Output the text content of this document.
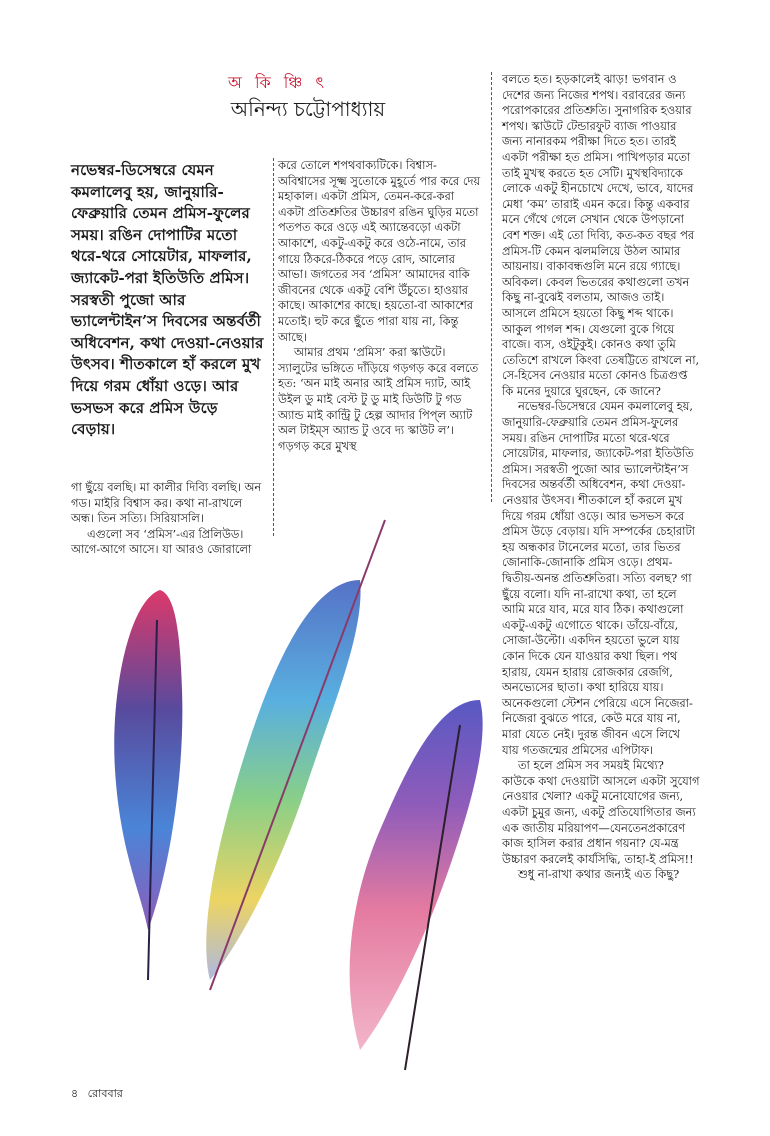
অ কি ঞ্চি ৎ
অনিন্দ্য চট্টোপাধ্যায়

নভেম্বর-ডিসেম্বরে যেমন কমলালেবু হয়, জানুয়ারি-ফেব্রুয়ারি তেমন প্রমিস-ফুলের সময়। রঙিন দোপাটির মতো থরে-থরে সোয়েটার, মাফলার, জ্যাকেট-পরা ইতিউতি প্রমিস। সরস্বতী পুজো আর ভ্যালেন্টাইন’স দিবসের অন্তর্বর্তী অধিবেশন, কথা দেওয়া-নেওয়ার উৎসব। শীতকালে হাঁ করলে মুখ দিয়ে গরম ধোঁয়া ওড়ে। আর ভসভস করে প্রমিস উড়ে বেড়ায়।

গা ছুঁয়ে বলছি। মা কালীর দিব্যি বলছি। অন গড। মাইরি বিশ্বাস কর। কথা না-রাখলে অন্ধ। তিন সত্যি। সিরিয়াসলি।

এগুলো সব ‘প্রমিস’-এর প্রিলিউড। আগে-আগে আসে। যা আরও জোরালো

করে তোলে শপথবাক্যটিকে। বিশ্বাস-অবিশ্বাসের সূক্ষ্ম সুতোকে মুহূর্তে পার করে দেয় মহাকাল। একটা প্রমিস, তেমন-করে-করা একটা প্রতিশ্রুতির উচ্চারণ রঙিন ঘুড়ির মতো পতপত করে ওড়ে এই অ্যান্তেবড়ো একটা আকাশে, একটু-একটু করে ওঠে-নামে, তার গায়ে ঠিকরে-ঠিকরে পড়ে রোদ, আলোর আভা। জগতের সব ‘প্রমিস’ আমাদের বাকি জীবনের থেকে একটু বেশি উঁচুতে। হাওয়ার কাছে। আকাশের কাছে। হয়তো-বা আকাশের মতোই। হুট করে ছুঁতে পারা যায় না, কিন্তু আছে।

আমার প্রথম ‘প্রমিস’ করা স্কাউটে। স্যালুটের ভঙ্গিতে দাঁড়িয়ে গড়গড় করে বলতে হত: ‘অন মাই অনার আই প্রমিস দ্যাট, আই উইল ডু মাই বেস্ট টু ডু মাই ডিউটি টু গড অ্যান্ড মাই কান্ট্রি টু হেল্প আদার পিপ্‌ল অ্যাট অল টাইম্‌স অ্যান্ড টু ওবে দ্য স্কাউট ল’। গড়গড় করে মুখস্থ

বলতে হত। হড়কালেই ঝাড়! ভগবান ও দেশের জন্য নিজের শপথ। বরাবরের জন্য পরোপকারের প্রতিশ্রুতি। সুনাগরিক হওয়ার শপথ। স্কাউটে টেন্ডারফুট ব্যাজ পাওয়ার জন্য নানারকম পরীক্ষা দিতে হত। তারই একটা পরীক্ষা হত প্রমিস। পাখিপড়ার মতো তাই মুখস্থ করতে হত সেটি। মুখস্থবিদ্যাকে লোকে একটু হীনচোখে দেখে, ভাবে, যাদের মেধা ‘কম’ তারাই এমন করে। কিন্তু একবার মনে গেঁথে গেলে সেখান থেকে উপড়ানো বেশ শক্ত। এই তো দিব্যি, কত-কত বছর পর প্রমিস-টি কেমন ঝলমলিয়ে উঠল আমার আয়নায়। বাকাবন্ধগুলি মনে রয়ে গ্যাছে। অবিকল। কেবল ভিতরের কথাগুলো তখন কিছু না-বুঝেই বলতাম, আজও তাই। আসলে প্রমিসে হয়তো কিছু শব্দ থাকে। আকুল পাগল শব্দ। যেগুলো বুকে গিয়ে বাজে। ব্যস, ওইটুকুই। কোনও কথা তুমি তেতিশে রাখলে কিংবা তেষট্টিতে রাখলে না, সে-হিসেব নেওয়ার মতো কোনও চিত্রগুপ্ত কি মনের দুয়ারে ঘুরছেন, কে জানে?

নভেম্বর-ডিসেম্বরে যেমন কমলালেবু হয়, জানুয়ারি-ফেব্রুয়ারি তেমন প্রমিস-ফুলের সময়। রঙিন দোপাটির মতো থরে-থরে সোয়েটার, মাফলার, জ্যাকেট-পরা ইতিউতি প্রমিস। সরস্বতী পুজো আর ভ্যালেন্টাইন’স দিবসের অন্তর্বর্তী অধিবেশন, কথা দেওয়া-নেওয়ার উৎসব। শীতকালে হাঁ করলে মুখ দিয়ে গরম ধোঁয়া ওড়ে। আর ভসভস করে প্রমিস উড়ে বেড়ায়। যদি সম্পর্কের চেহারাটা হয় অন্ধকার টানেলের মতো, তার ভিতর জোনাকি-জোনাকি প্রমিস ওড়ে। প্রথম-দ্বিতীয়-অনন্ত প্রতিশ্রুতিরা। সত্যি বলছ? গা ছুঁয়ে বলো। যদি না-রাখো কথা, তা হলে আমি মরে যাব, মরে যাব ঠিক। কথাগুলো একটু-একটু এগোতে থাকে। ডাঁয়ে-বাঁয়ে, সোজা-উল্টো। একদিন হয়তো ভুলে যায় কোন দিকে যেন যাওয়ার কথা ছিল। পথ হারায়, যেমন হারায় রোজকার রেজগি, অনভ্যেসের ছাতা। কথা হারিয়ে যায়। অনেকগুলো স্টেশন পেরিয়ে এসে নিজেরা-নিজেরা বুঝতে পারে, কেউ মরে যায় না, মারা যেতে নেই। দুরন্ত জীবন এসে লিখে যায় গতজন্মের প্রমিসের এপিটাফ।

তা হলে প্রমিস সব সময়ই মিথ্যে? কাউকে কথা দেওয়াটা আসলে একটা সুযোগ নেওয়ার খেলা? একটু মনোযোগের জন্য, একটা চুমুর জন্য, একটু প্রতিযোগিতার জন্য এক জাতীয় মরিয়াপণ—যেনতেনপ্রকারেণ কাজ হাসিল করার প্রধান গয়না? যে-মন্ত্র উচ্চারণ করলেই কার্যসিদ্ধি, তাহা-ই প্রমিস!!

শুধু না-রাখা কথার জন্যই এত কিছু?

৪ রোববার
